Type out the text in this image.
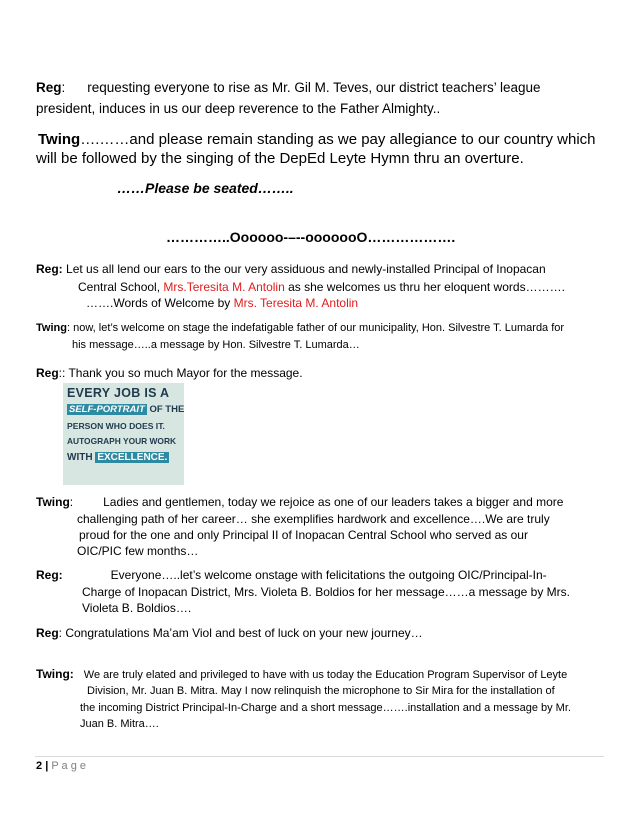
Reg: requesting everyone to rise as Mr. Gil M. Teves, our district teachers’ league
president, induces in us our deep reverence to the Father Almighty..
Twing….……and please remain standing as we pay allegiance to our country which
will be followed by the singing of the DepEd Leyte Hymn thru an overture.
……Please be seated……..
…………..Oooooo-–--ooooooO……………….
Reg: Let us all lend our ears to the our very assiduous and newly-installed Principal of Inopacan
Central School, Mrs.Teresita M. Antolin as she welcomes us thru her eloquent words……….
…….Words of Welcome by Mrs. Teresita M. Antolin
Twing: now, let’s welcome on stage the indefatigable father of our municipality, Hon. Silvestre T. Lumarda for
his message…..a message by Hon. Silvestre T. Lumarda…
Reg:: Thank you so much Mayor for the message.
EVERY JOB IS A
SELF-PORTRAIT OF THE
PERSON WHO DOES IT.
AUTOGRAPH YOUR WORK
WITH EXCELLENCE.
Twing:	Ladies and gentlemen, today we rejoice as one of our leaders takes a bigger and more
challenging path of her career… she exemplifies hardwork and excellence….We are truly
proud for the one and only Principal II of Inopacan Central School who served as our
OIC/PIC few months…
Reg:	Everyone…..let’s welcome onstage with felicitations the outgoing OIC/Principal-In-
Charge of Inopacan District, Mrs. Violeta B. Boldios for her message……a message by Mrs.
Violeta B. Boldios….
Reg: Congratulations Ma’am Viol and best of luck on your new journey…
Twing: We are truly elated and privileged to have with us today the Education Program Supervisor of Leyte
Division, Mr. Juan B. Mitra. May I now relinquish the microphone to Sir Mira for the installation of
the incoming District Principal-In-Charge and a short message…….installation and a message by Mr.
Juan B. Mitra….
2 | P a g e
